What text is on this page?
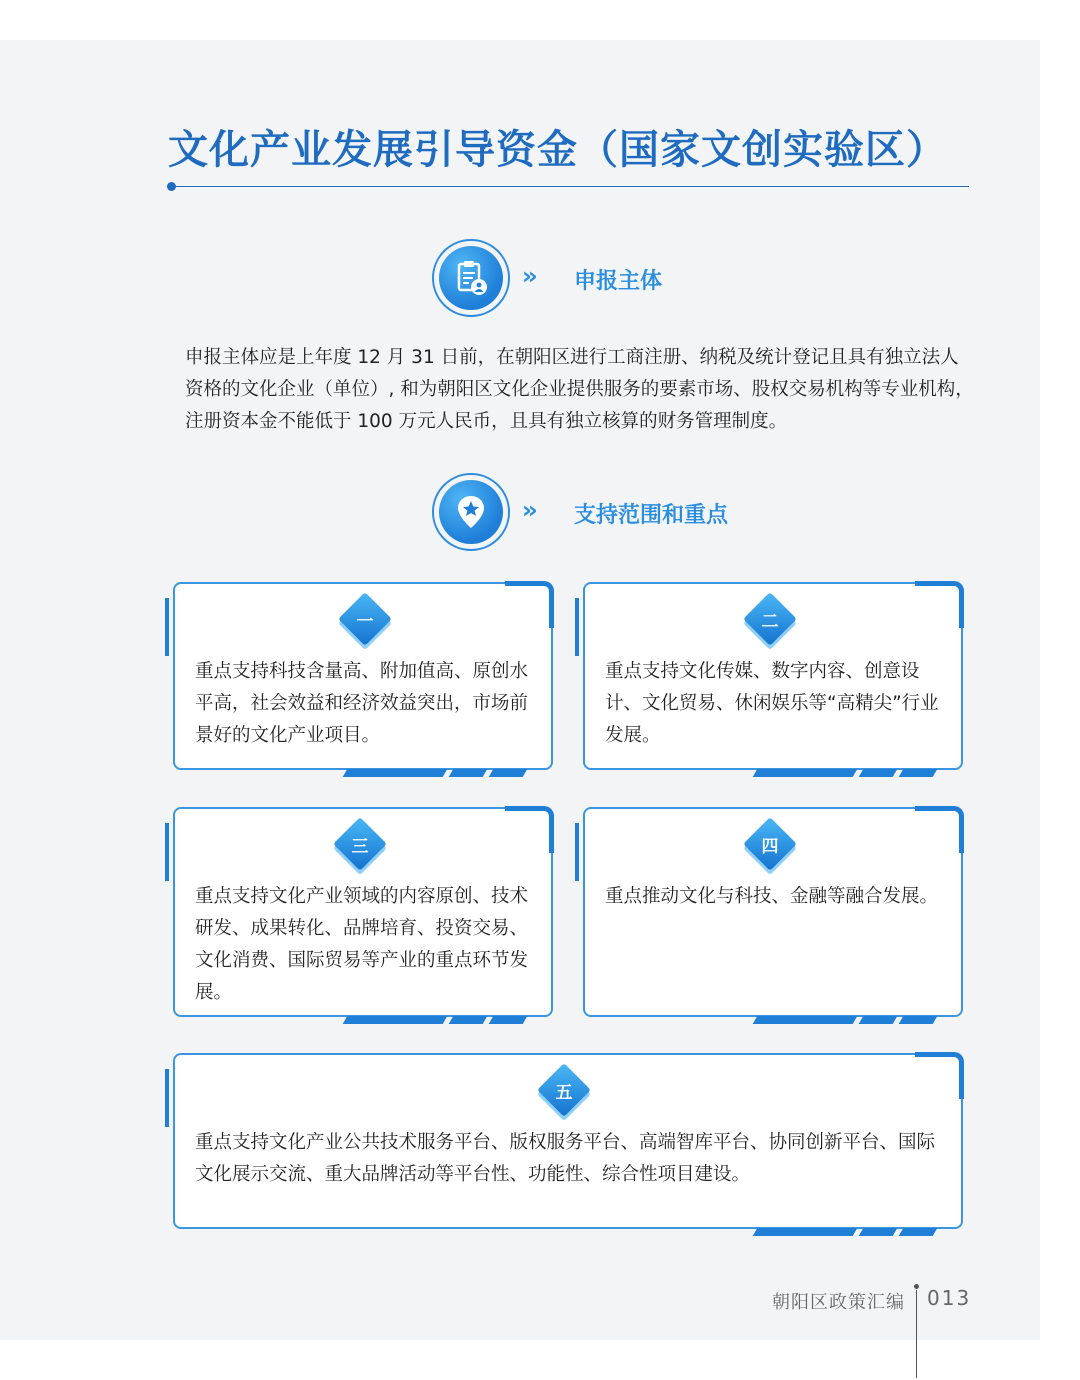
文化产业发展引导资金（国家文创实验区）
›› 申报主体

申报主体应是上年度 12 月 31 日前，在朝阳区进行工商注册、纳税及统计登记且具有独立法人资格的文化企业（单位）, 和为朝阳区文化企业提供服务的要素市场、股权交易机构等专业机构，注册资本金不能低于 100 万元人民币，且具有独立核算的财务管理制度。

›› 支持范围和重点
一

重点支持科技含量高、附加值高、原创水平高，社会效益和经济效益突出，市场前景好的文化产业项目。

二

重点支持文化传媒、数字内容、创意设计、文化贸易、休闲娱乐等“高精尖”行业发展。

三

重点支持文化产业领域的内容原创、技术研发、成果转化、品牌培育、投资交易、文化消费、国际贸易等产业的重点环节发展。

四

重点推动文化与科技、金融等融合发展。

五

重点支持文化产业公共技术服务平台、版权服务平台、高端智库平台、协同创新平台、国际文化展示交流、重大品牌活动等平台性、功能性、综合性项目建设。

朝阳区政策汇编 013
